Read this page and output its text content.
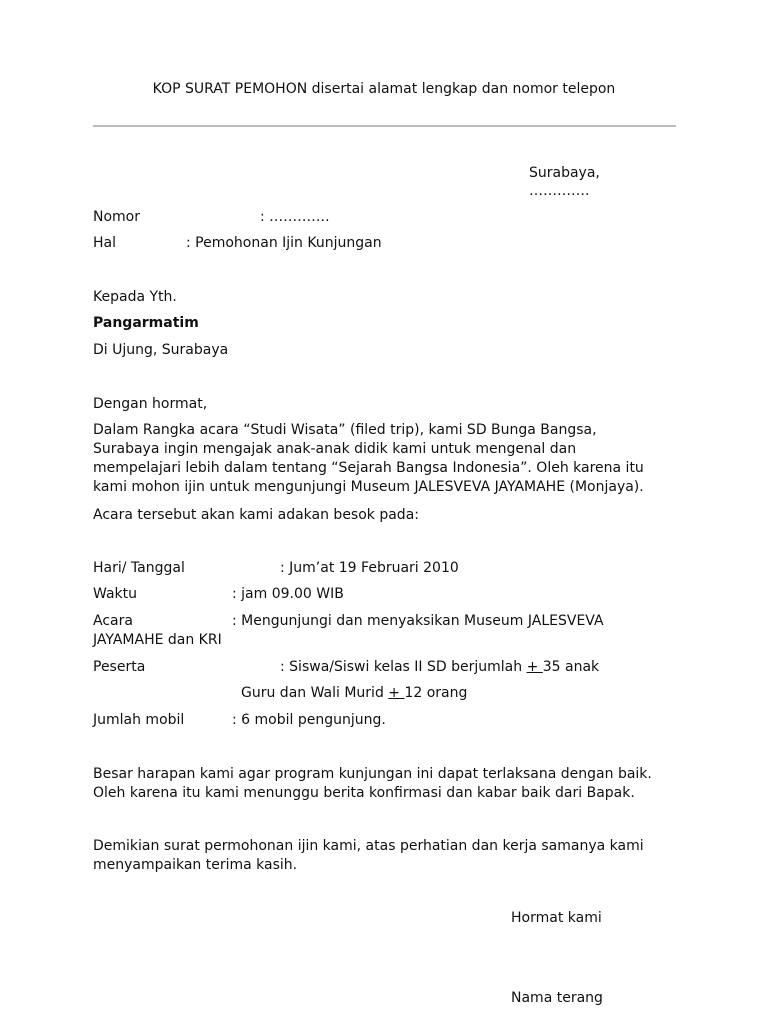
KOP SURAT PEMOHON disertai alamat lengkap dan nomor telepon
Surabaya,
………….
Nomor	: ………….
Hal	: Pemohonan Ijin Kunjungan
Kepada Yth.
Pangarmatim
Di Ujung, Surabaya
Dengan hormat,
Dalam Rangka acara “Studi Wisata” (filed trip), kami SD Bunga Bangsa,
Surabaya ingin mengajak anak-anak didik kami untuk mengenal dan
mempelajari lebih dalam tentang “Sejarah Bangsa Indonesia”. Oleh karena itu
kami mohon ijin untuk mengunjungi Museum JALESVEVA JAYAMAHE (Monjaya).
Acara tersebut akan kami adakan besok pada:
Hari/ Tanggal	: Jum’at 19 Februari 2010
Waktu	: jam 09.00 WIB
Acara	: Mengunjungi dan menyaksikan Museum JALESVEVA
JAYAMAHE dan KRI
Peserta	: Siswa/Siswi kelas II SD berjumlah + 35 anak
Guru dan Wali Murid + 12 orang
Jumlah mobil	: 6 mobil pengunjung.
Besar harapan kami agar program kunjungan ini dapat terlaksana dengan baik.
Oleh karena itu kami menunggu berita konfirmasi dan kabar baik dari Bapak.
Demikian surat permohonan ijin kami, atas perhatian dan kerja samanya kami
menyampaikan terima kasih.
Hormat kami
Nama terang
